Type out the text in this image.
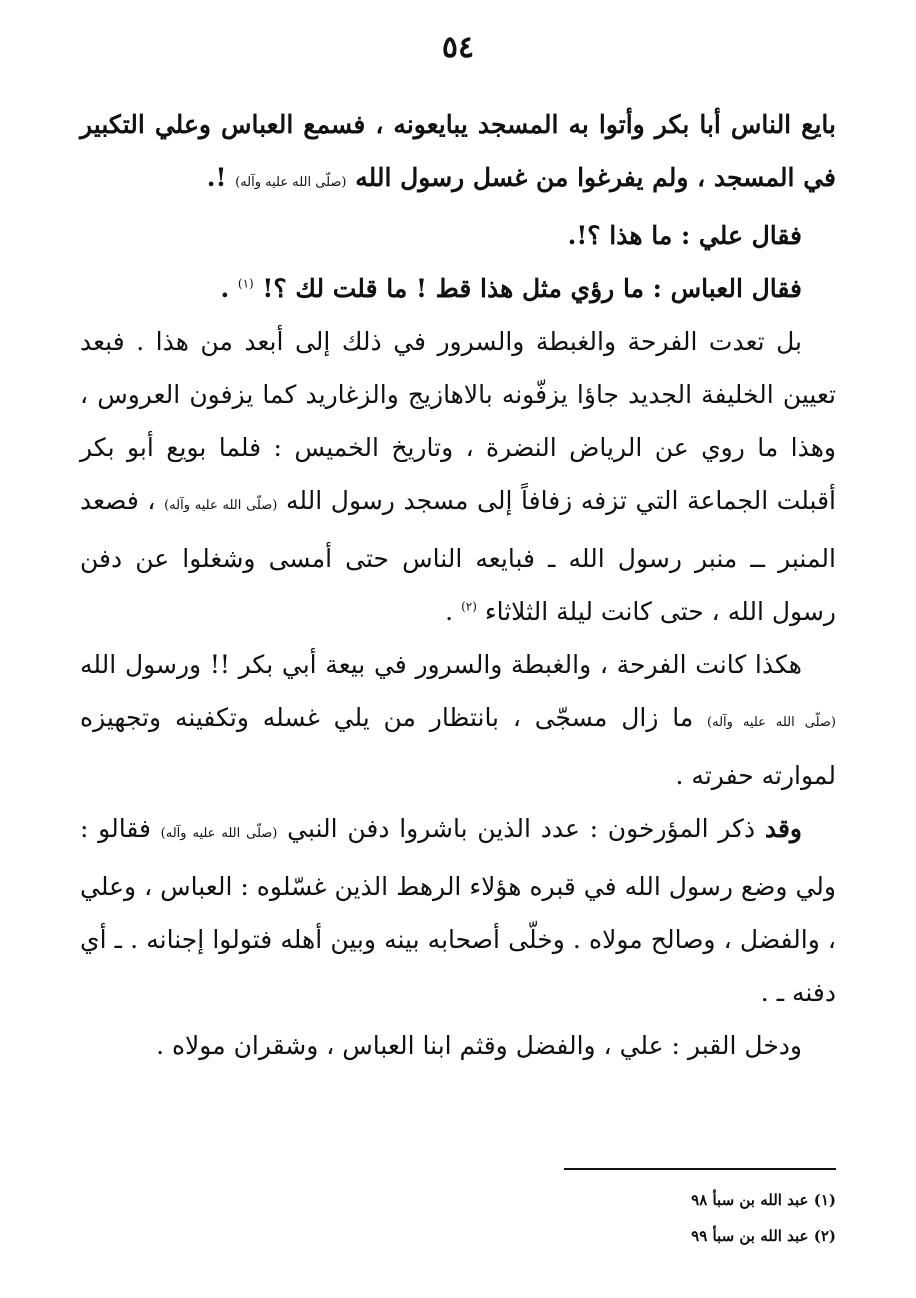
٥٤

بايع الناس أبا بكر وأتوا به المسجد يبايعونه ، فسمع العباس وعلي التكبير في المسجد ، ولم يفرغوا من غسل رسول الله (صلّى الله عليه وآله) !.

فقال علي : ما هذا ؟!.

فقال العباس : ما رؤي مثل هذا قط ! ما قلت لك ؟! $^{(١)}$ .

بل تعدت الفرحة والغبطة والسرور في ذلك إلى أبعد من هذا . فبعد تعيين الخليفة الجديد جاؤا يزفّونه بالاهازيج والزغاريد كما يزفون العروس ، وهذا ما روي عن الرياض النضرة ، وتاريخ الخميس : فلما بويع أبو بكر أقبلت الجماعة التي تزفه زفافاً إلى مسجد رسول الله (صلّى الله عليه وآله) ، فصعد المنبر ــ منبر رسول الله ـ فبايعه الناس حتى أمسى وشغلوا عن دفن رسول الله ، حتى كانت ليلة الثلاثاء $^{(٢)}$ .

هكذا كانت الفرحة ، والغبطة والسرور في بيعة أبي بكر !! ورسول الله (صلّى الله عليه وآله) ما زال مسجّى ، بانتظار من يلي غسله وتكفينه وتجهيزه لموارته حفرته .

وقد ذكر المؤرخون : عدد الذين باشروا دفن النبي (صلّى الله عليه وآله) فقالو : ولي وضع رسول الله في قبره هؤلاء الرهط الذين غسّلوه : العباس ، وعلي ، والفضل ، وصالح مولاه . وخلّى أصحابه بينه وبين أهله فتولوا إجنانه . ـ أي دفنه ـ .

ودخل القبر : علي ، والفضل وقثم ابنا العباس ، وشقران مولاه .

(١) عبد الله بن سبأ ٩٨

(٢) عبد الله بن سبأ ٩٩
